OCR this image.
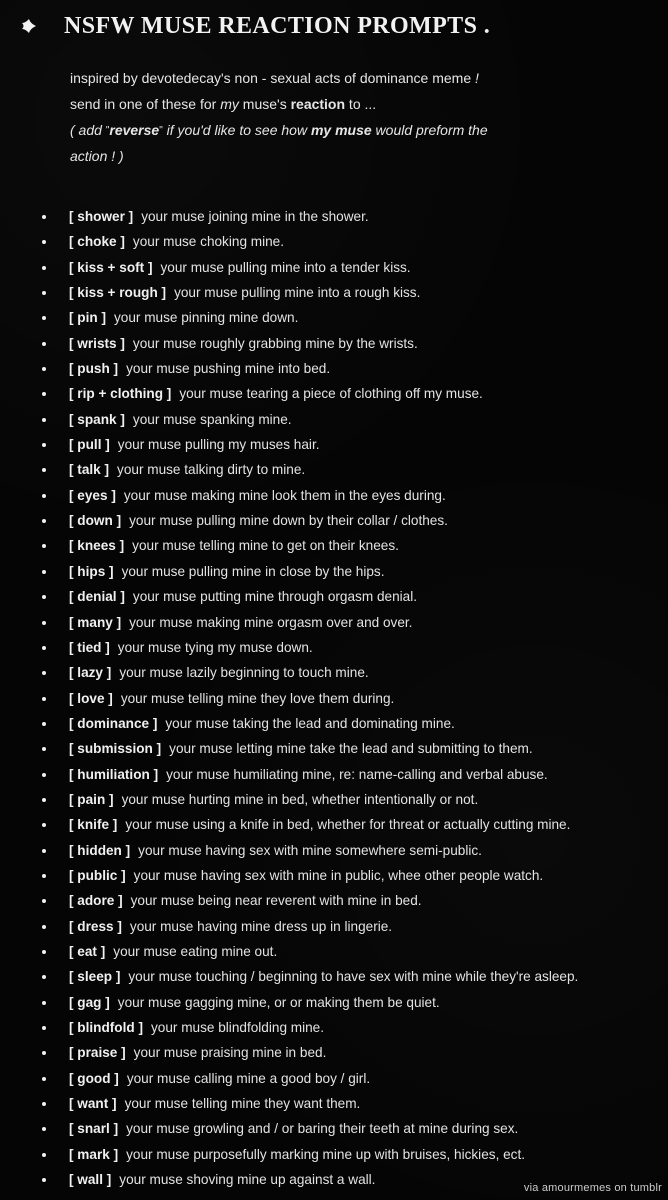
NSFW MUSE REACTION PROMPTS .

inspired by devotedecay's non - sexual acts of dominance meme !

send in one of these for my muse's reaction to ...

( add "reverse" if you'd like to see how my muse would preform the

action ! )

[ shower ] your muse joining mine in the shower.
[ choke ] your muse choking mine.
[ kiss + soft ] your muse pulling mine into a tender kiss.
[ kiss + rough ] your muse pulling mine into a rough kiss.
[ pin ] your muse pinning mine down.
[ wrists ] your muse roughly grabbing mine by the wrists.
[ push ] your muse pushing mine into bed.
[ rip + clothing ] your muse tearing a piece of clothing off my muse.
[ spank ] your muse spanking mine.
[ pull ] your muse pulling my muses hair.
[ talk ] your muse talking dirty to mine.
[ eyes ] your muse making mine look them in the eyes during.
[ down ] your muse pulling mine down by their collar / clothes.
[ knees ] your muse telling mine to get on their knees.
[ hips ] your muse pulling mine in close by the hips.
[ denial ] your muse putting mine through orgasm denial.
[ many ] your muse making mine orgasm over and over.
[ tied ] your muse tying my muse down.
[ lazy ] your muse lazily beginning to touch mine.
[ love ] your muse telling mine they love them during.
[ dominance ] your muse taking the lead and dominating mine.
[ submission ] your muse letting mine take the lead and submitting to them.
[ humiliation ] your muse humiliating mine, re: name-calling and verbal abuse.
[ pain ] your muse hurting mine in bed, whether intentionally or not.
[ knife ] your muse using a knife in bed, whether for threat or actually cutting mine.
[ hidden ] your muse having sex with mine somewhere semi-public.
[ public ] your muse having sex with mine in public, whee other people watch.
[ adore ] your muse being near reverent with mine in bed.
[ dress ] your muse having mine dress up in lingerie.
[ eat ] your muse eating mine out.
[ sleep ] your muse touching / beginning to have sex with mine while they're asleep.
[ gag ] your muse gagging mine, or or making them be quiet.
[ blindfold ] your muse blindfolding mine.
[ praise ] your muse praising mine in bed.
[ good ] your muse calling mine a good boy / girl.
[ want ] your muse telling mine they want them.
[ snarl ] your muse growling and / or baring their teeth at mine during sex.
[ mark ] your muse purposefully marking mine up with bruises, hickies, ect.
[ wall ] your muse shoving mine up against a wall.
via amourmemes on tumblr
